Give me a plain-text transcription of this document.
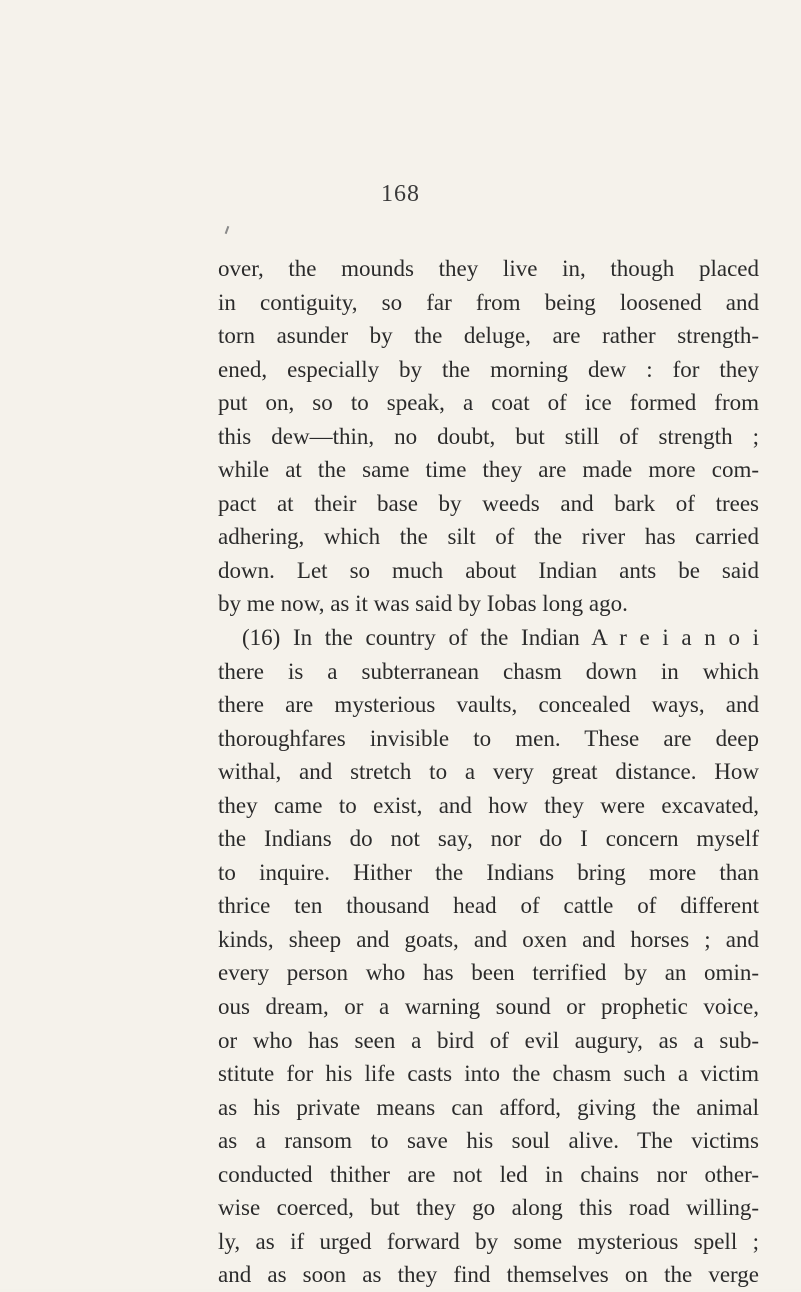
168
over, the mounds they live in, though placed
in contiguity, so far from being loosened and
torn asunder by the deluge, are rather strength-
ened, especially by the morning dew : for they
put on, so to speak, a coat of ice formed from
this dew—thin, no doubt, but still of strength ;
while at the same time they are made more com-
pact at their base by weeds and bark of trees
adhering, which the silt of the river has carried
down. Let so much about Indian ants be said
by me now, as it was said by Iobas long ago.
(16) In the country of the Indian A r e i a n o i
there is a subterranean chasm down in which
there are mysterious vaults, concealed ways, and
thoroughfares invisible to men. These are deep
withal, and stretch to a very great distance. How
they came to exist, and how they were excavated,
the Indians do not say, nor do I concern myself
to inquire. Hither the Indians bring more than
thrice ten thousand head of cattle of different
kinds, sheep and goats, and oxen and horses ; and
every person who has been terrified by an omin-
ous dream, or a warning sound or prophetic voice,
or who has seen a bird of evil augury, as a sub-
stitute for his life casts into the chasm such a victim
as his private means can afford, giving the animal
as a ransom to save his soul alive. The victims
conducted thither are not led in chains nor other-
wise coerced, but they go along this road willing-
ly, as if urged forward by some mysterious spell ;
and as soon as they find themselves on the verge
